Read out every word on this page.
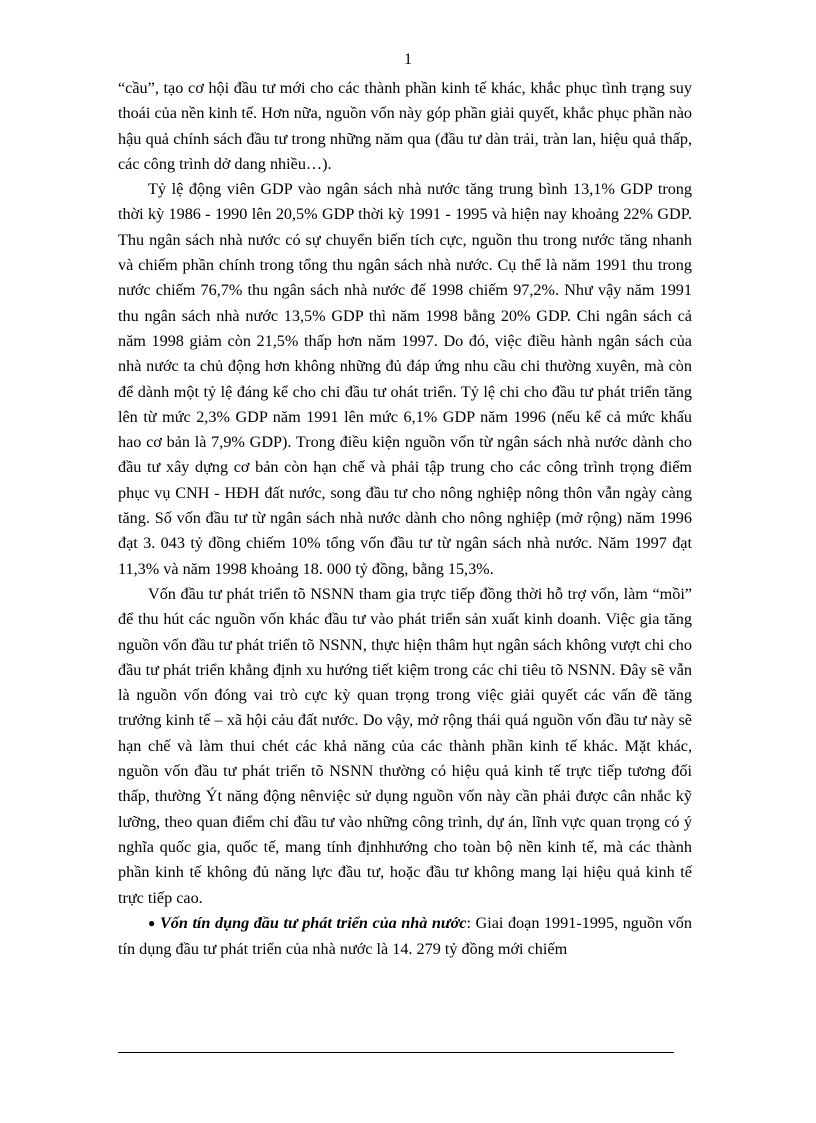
1

“cầu”, tạo cơ hội đầu tư mới cho các thành phần kinh tế khác, khắc phục tình trạng suy thoái của nền kinh tế. Hơn nữa, nguồn vốn này góp phần giải quyết, khắc phục phần nào hậu quả chính sách đầu tư trong những năm qua (đầu tư dàn trải, tràn lan, hiệu quả thấp, các công trình dở dang nhiều…).

Tỷ lệ động viên GDP vào ngân sách nhà nước tăng trung bình 13,1% GDP trong thời kỳ 1986 - 1990 lên 20,5% GDP thời kỳ 1991 - 1995 và hiện nay khoảng 22% GDP. Thu ngân sách nhà nước có sự chuyển biến tích cực, nguồn thu trong nước tăng nhanh và chiếm phần chính trong tổng thu ngân sách nhà nước. Cụ thể là năm 1991 thu trong nước chiếm 76,7% thu ngân sách nhà nước đế 1998 chiếm 97,2%. Như vậy năm 1991 thu ngân sách nhà nước 13,5% GDP thì năm 1998 bằng 20% GDP. Chi ngân sách cả năm 1998 giảm còn 21,5% thấp hơn năm 1997. Do đó, việc điều hành ngân sách của nhà nước ta chủ động hơn không những đủ đáp ứng nhu cầu chi thường xuyên, mà còn để dành một tỷ lệ đáng kể cho chi đầu tư ohát triển. Tỷ lệ chi cho đầu tư phát triển tăng lên từ mức 2,3% GDP năm 1991 lên mức 6,1% GDP năm 1996 (nếu kể cả mức khấu hao cơ bản là 7,9% GDP). Trong điều kiện nguồn vốn từ ngân sách nhà nước dành cho đầu tư xây dựng cơ bản còn hạn chế và phải tập trung cho các công trình trọng điểm phục vụ CNH - HĐH đất nước, song đầu tư cho nông nghiệp nông thôn vẫn ngày càng tăng. Số vốn đầu tư từ ngân sách nhà nước dành cho nông nghiệp (mở rộng) năm 1996 đạt 3. 043 tỷ đồng chiếm 10% tổng vốn đầu tư từ ngân sách nhà nước. Năm 1997 đạt 11,3% và năm 1998 khoảng 18. 000 tỷ đồng, bằng 15,3%.

Vốn đầu tư phát triển tõ NSNN tham gia trực tiếp đồng thời hỗ trợ vốn, làm “mồi” để thu hút các nguồn vốn khác đầu tư vào phát triển sản xuất kinh doanh. Việc gia tăng nguồn vốn đầu tư phát triển tõ NSNN, thực hiện thâm hụt ngân sách không vượt chi cho đầu tư phát triển khẳng định xu hướng tiết kiệm trong các chi tiêu tõ NSNN. Đây sẽ vẫn là nguồn vốn đóng vai trò cực kỳ quan trọng trong việc giải quyết các vấn đề tăng trưởng kinh tế – xã hội cảu đất nước. Do vậy, mở rộng thái quá nguồn vốn đầu tư này sẽ hạn chế và làm thui chét các khả năng của các thành phần kinh tế khác. Mặt khác, nguồn vốn đầu tư phát triển tõ NSNN thường có hiệu quả kinh tế trực tiếp tương đối thấp, thường Ýt năng động nênviệc sử dụng nguồn vốn này cần phải được cân nhắc kỹ lưỡng, theo quan điểm chỉ đầu tư vào những công trình, dự án, lĩnh vực quan trọng có ý nghĩa quốc gia, quốc tế, mang tính địnhhướng cho toàn bộ nền kinh tế, mà các thành phần kinh tế không đủ năng lực đầu tư, hoặc đầu tư không mang lại hiệu quả kinh tế trực tiếp cao.

● Vốn tín dụng đầu tư phát triển của nhà nước: Giai đoạn 1991-1995, nguồn vốn tín dụng đầu tư phát triển của nhà nước là 14. 279 tỷ đồng mới chiếm
